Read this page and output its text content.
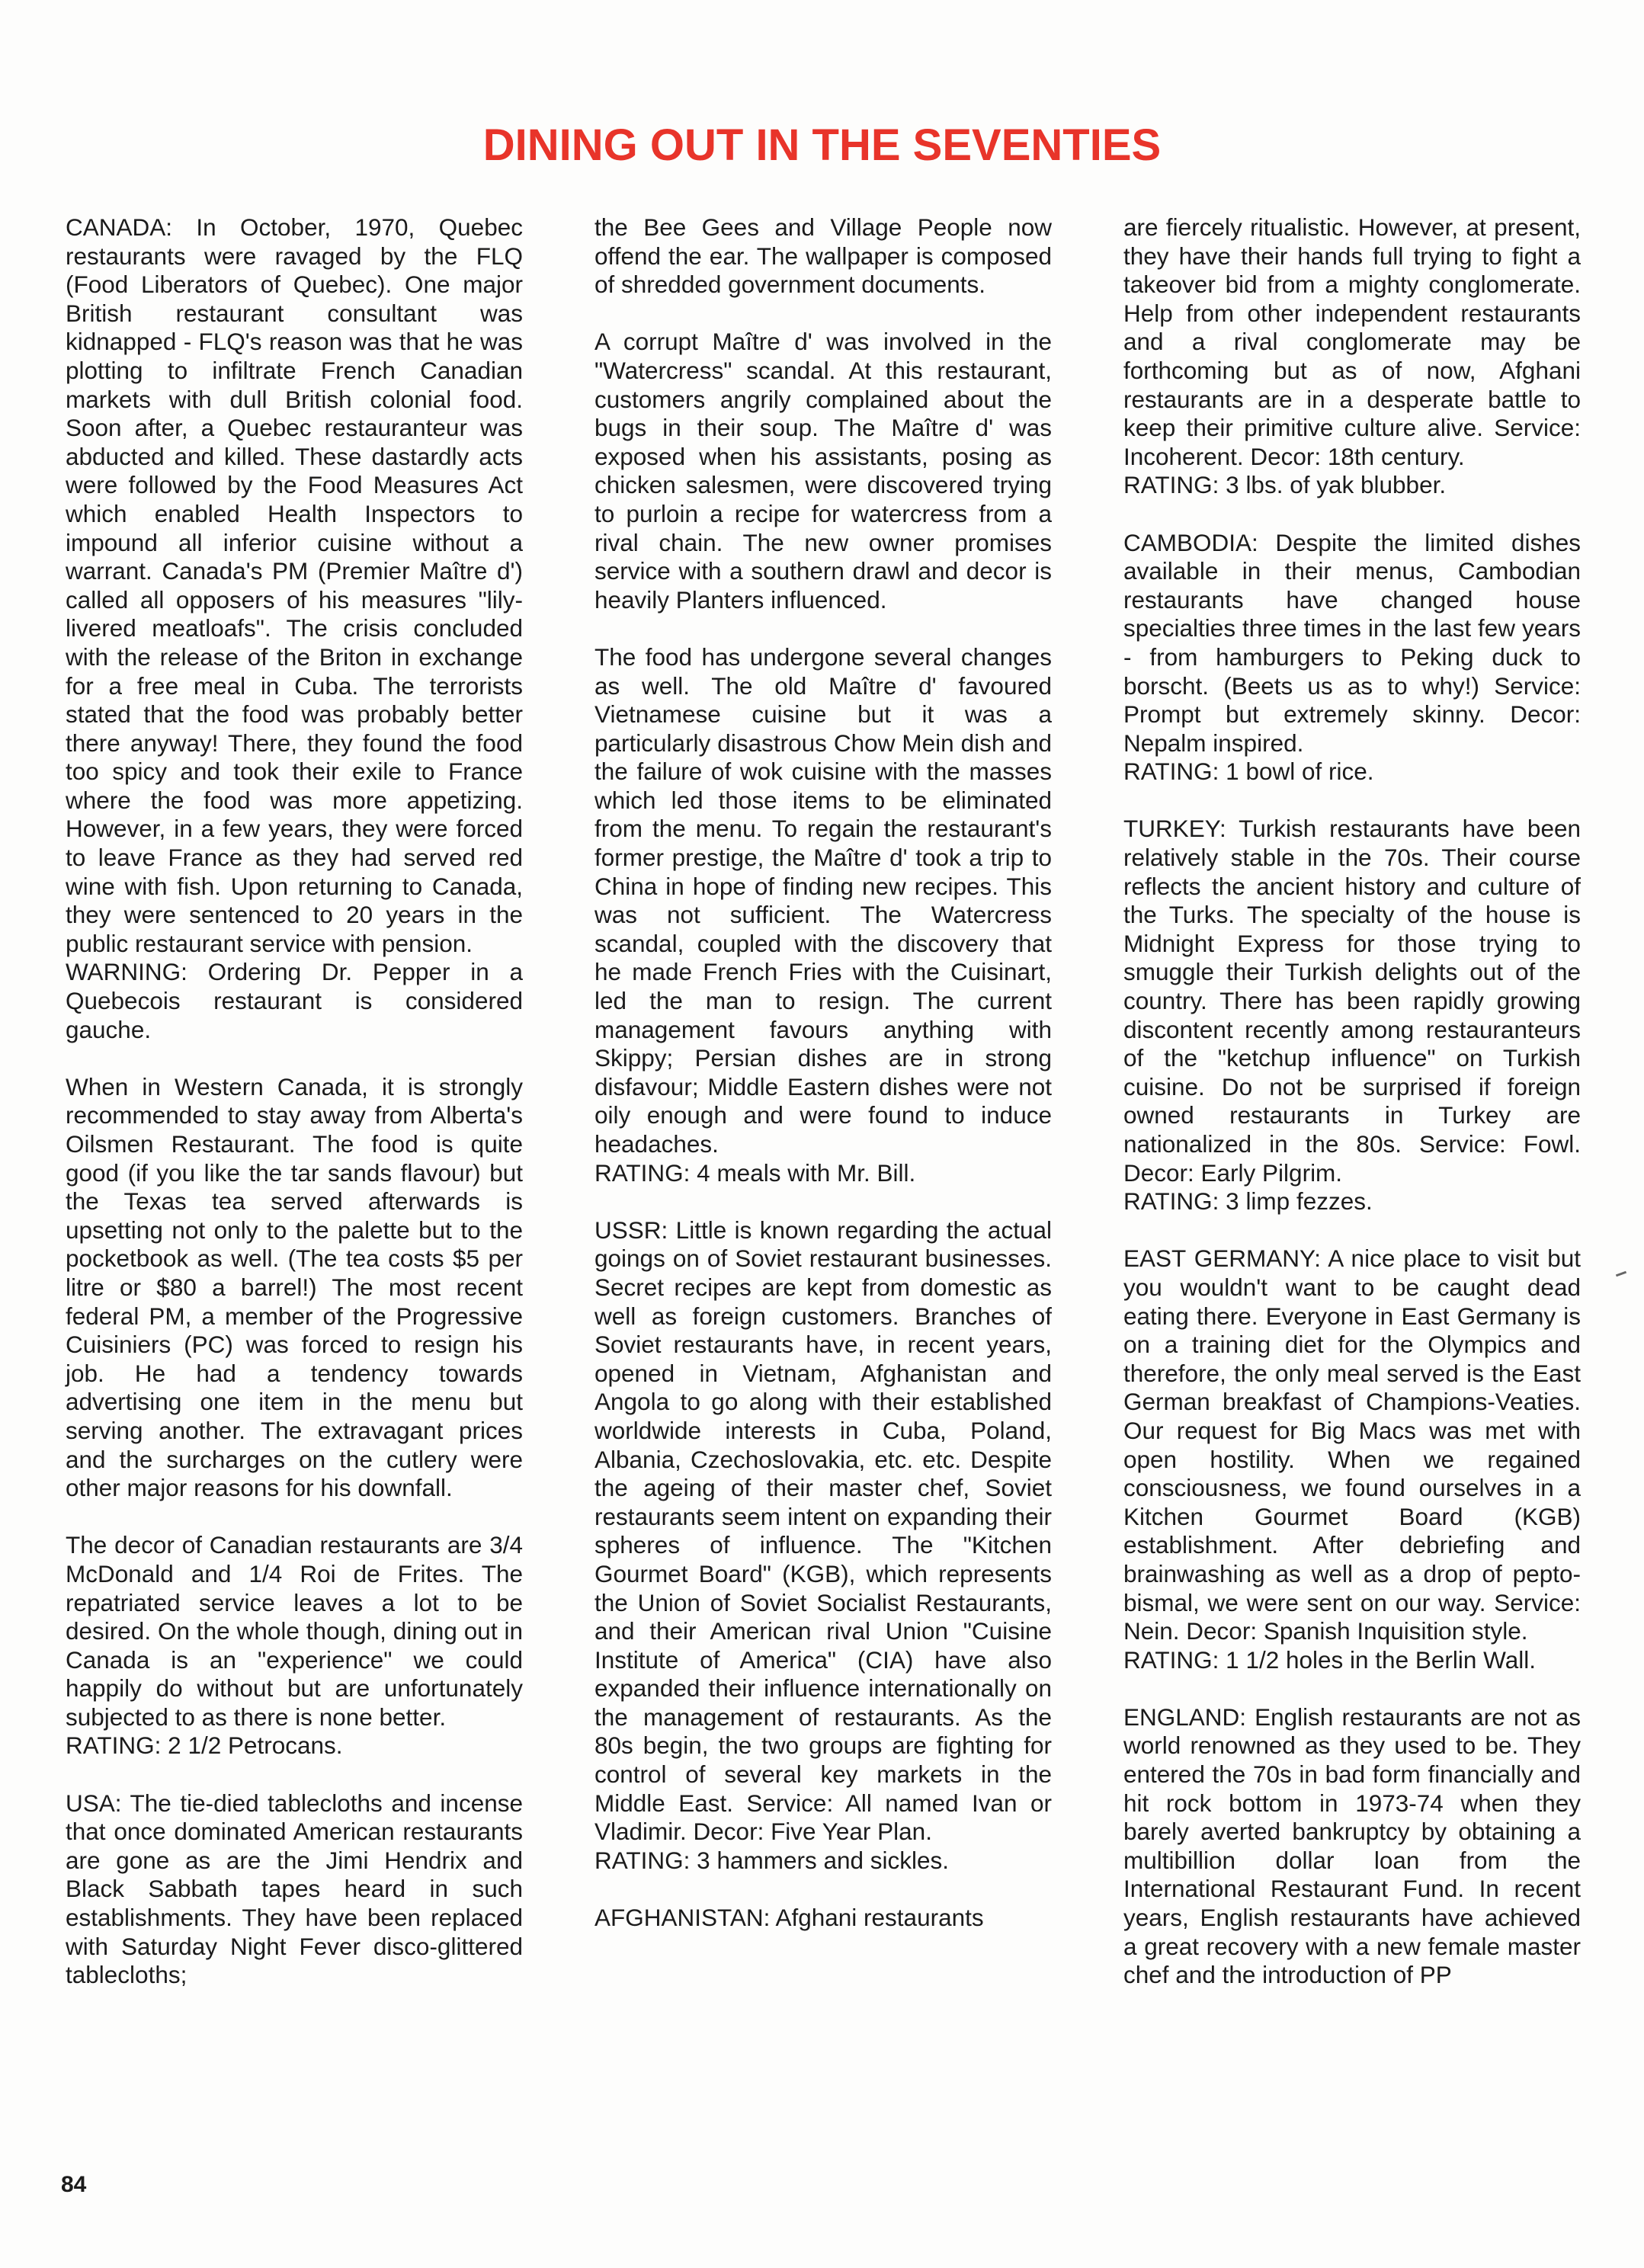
DINING OUT IN THE SEVENTIES

CANADA: In October, 1970, Quebec restaurants were ravaged by the FLQ (Food Liberators of Quebec). One major British restaurant consultant was kidnapped - FLQ's reason was that he was plotting to infiltrate French Canadian markets with dull British colonial food. Soon after, a Quebec restauranteur was abducted and killed. These dastardly acts were followed by the Food Measures Act which enabled Health Inspectors to impound all inferior cuisine without a warrant. Canada's PM (Premier Maître d') called all opposers of his measures "lily-livered meatloafs". The crisis concluded with the release of the Briton in exchange for a free meal in Cuba. The terrorists stated that the food was probably better there anyway! There, they found the food too spicy and took their exile to France where the food was more appetizing. However, in a few years, they were forced to leave France as they had served red wine with fish. Upon returning to Canada, they were sentenced to 20 years in the public restaurant service with pension.

WARNING: Ordering Dr. Pepper in a Quebecois restaurant is considered gauche.

When in Western Canada, it is strongly recommended to stay away from Alberta's Oilsmen Restaurant. The food is quite good (if you like the tar sands flavour) but the Texas tea served afterwards is upsetting not only to the palette but to the pocketbook as well. (The tea costs $5 per litre or $80 a barrel!) The most recent federal PM, a member of the Progressive Cuisiniers (PC) was forced to resign his job. He had a tendency towards advertising one item in the menu but serving another. The extravagant prices and the surcharges on the cutlery were other major reasons for his downfall.

The decor of Canadian restaurants are 3/4 McDonald and 1/4 Roi de Frites. The repatriated service leaves a lot to be desired. On the whole though, dining out in Canada is an "experience" we could happily do without but are unfortunately subjected to as there is none better.

RATING: 2 1/2 Petrocans.

USA: The tie-died tablecloths and incense that once dominated American restaurants are gone as are the Jimi Hendrix and Black Sabbath tapes heard in such establishments. They have been replaced with Saturday Night Fever disco-glittered tablecloths;

the Bee Gees and Village People now offend the ear. The wallpaper is composed of shredded government documents.

A corrupt Maître d' was involved in the "Watercress" scandal. At this restaurant, customers angrily complained about the bugs in their soup. The Maître d' was exposed when his assistants, posing as chicken salesmen, were discovered trying to purloin a recipe for watercress from a rival chain. The new owner promises service with a southern drawl and decor is heavily Planters influenced.

The food has undergone several changes as well. The old Maître d' favoured Vietnamese cuisine but it was a particularly disastrous Chow Mein dish and the failure of wok cuisine with the masses which led those items to be eliminated from the menu. To regain the restaurant's former prestige, the Maître d' took a trip to China in hope of finding new recipes. This was not sufficient. The Watercress scandal, coupled with the discovery that he made French Fries with the Cuisinart, led the man to resign. The current management favours anything with Skippy; Persian dishes are in strong disfavour; Middle Eastern dishes were not oily enough and were found to induce headaches.

RATING: 4 meals with Mr. Bill.

USSR: Little is known regarding the actual goings on of Soviet restaurant businesses. Secret recipes are kept from domestic as well as foreign customers. Branches of Soviet restaurants have, in recent years, opened in Vietnam, Afghanistan and Angola to go along with their established worldwide interests in Cuba, Poland, Albania, Czechoslovakia, etc. etc. Despite the ageing of their master chef, Soviet restaurants seem intent on expanding their spheres of influence. The "Kitchen Gourmet Board" (KGB), which represents the Union of Soviet Socialist Restaurants, and their American rival Union "Cuisine Institute of America" (CIA) have also expanded their influence internationally on the management of restaurants. As the 80s begin, the two groups are fighting for control of several key markets in the Middle East. Service: All named Ivan or Vladimir. Decor: Five Year Plan.

RATING: 3 hammers and sickles.

AFGHANISTAN: Afghani restaurants

are fiercely ritualistic. However, at present, they have their hands full trying to fight a takeover bid from a mighty conglomerate. Help from other independent restaurants and a rival conglomerate may be forthcoming but as of now, Afghani restaurants are in a desperate battle to keep their primitive culture alive. Service: Incoherent. Decor: 18th century.

RATING: 3 lbs. of yak blubber.

CAMBODIA: Despite the limited dishes available in their menus, Cambodian restaurants have changed house specialties three times in the last few years - from hamburgers to Peking duck to borscht. (Beets us as to why!) Service: Prompt but extremely skinny. Decor: Nepalm inspired.

RATING: 1 bowl of rice.

TURKEY: Turkish restaurants have been relatively stable in the 70s. Their course reflects the ancient history and culture of the Turks. The specialty of the house is Midnight Express for those trying to smuggle their Turkish delights out of the country. There has been rapidly growing discontent recently among restauranteurs of the "ketchup influence" on Turkish cuisine. Do not be surprised if foreign owned restaurants in Turkey are nationalized in the 80s. Service: Fowl. Decor: Early Pilgrim.

RATING: 3 limp fezzes.

EAST GERMANY: A nice place to visit but you wouldn't want to be caught dead eating there. Everyone in East Germany is on a training diet for the Olympics and therefore, the only meal served is the East German breakfast of Champions-Veaties. Our request for Big Macs was met with open hostility. When we regained consciousness, we found ourselves in a Kitchen Gourmet Board (KGB) establishment. After debriefing and brainwashing as well as a drop of pepto-bismal, we were sent on our way. Service: Nein. Decor: Spanish Inquisition style.

RATING: 1 1/2 holes in the Berlin Wall.

ENGLAND: English restaurants are not as world renowned as they used to be. They entered the 70s in bad form financially and hit rock bottom in 1973-74 when they barely averted bankruptcy by obtaining a multibillion dollar loan from the International Restaurant Fund. In recent years, English restaurants have achieved a great recovery with a new female master chef and the introduction of PP

84
